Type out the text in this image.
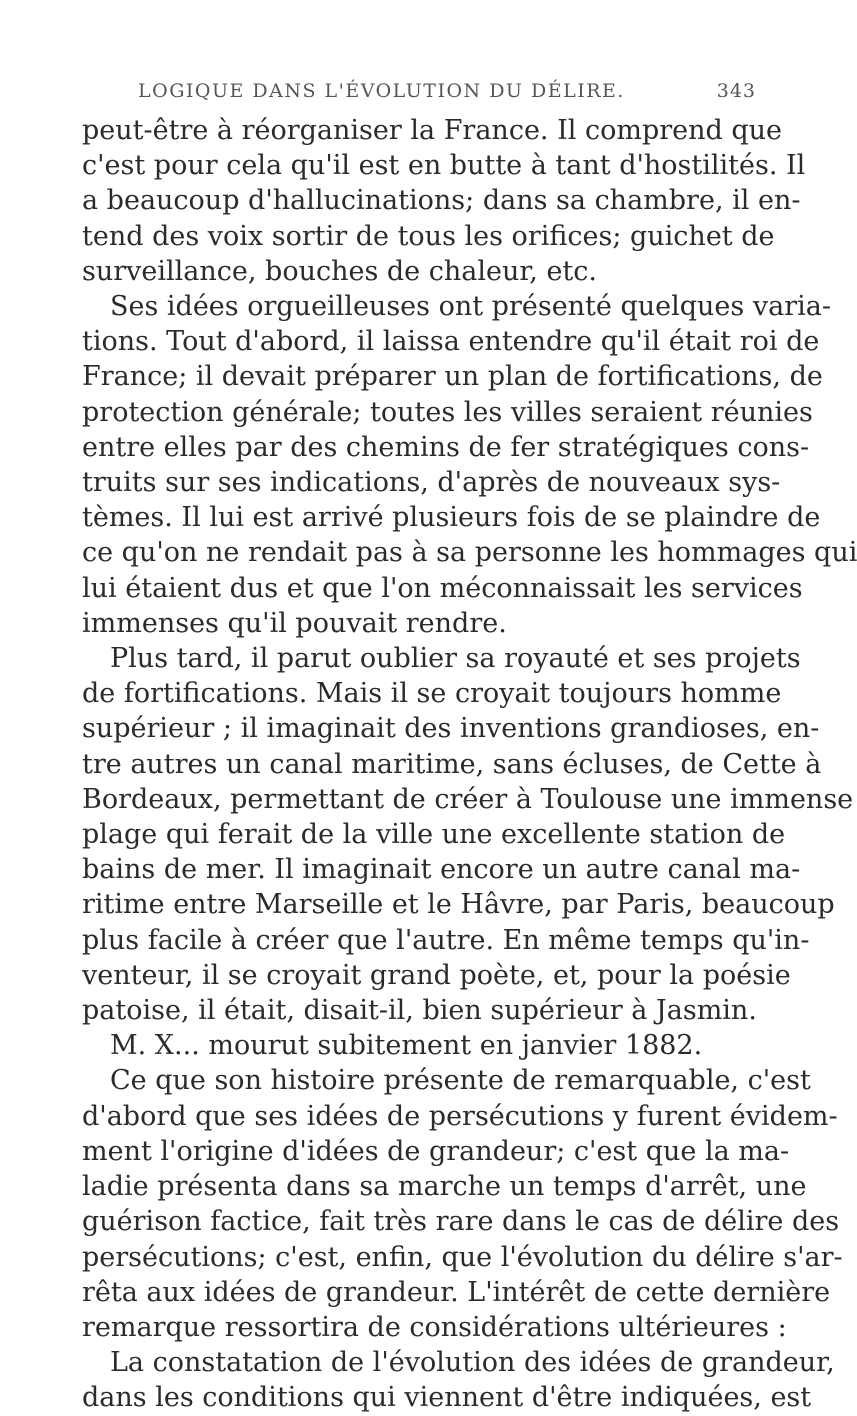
LOGIQUE DANS L'ÉVOLUTION DU DÉLIRE.	343
peut-être à réorganiser la France. Il comprend que
c'est pour cela qu'il est en butte à tant d'hostilités. Il
a beaucoup d'hallucinations; dans sa chambre, il en-
tend des voix sortir de tous les orifices; guichet de
surveillance, bouches de chaleur, etc.
Ses idées orgueilleuses ont présenté quelques varia-
tions. Tout d'abord, il laissa entendre qu'il était roi de
France; il devait préparer un plan de fortifications, de
protection générale; toutes les villes seraient réunies
entre elles par des chemins de fer stratégiques cons-
truits sur ses indications, d'après de nouveaux sys-
tèmes. Il lui est arrivé plusieurs fois de se plaindre de
ce qu'on ne rendait pas à sa personne les hommages qui
lui étaient dus et que l'on méconnaissait les services
immenses qu'il pouvait rendre.
Plus tard, il parut oublier sa royauté et ses projets
de fortifications. Mais il se croyait toujours homme
supérieur ; il imaginait des inventions grandioses, en-
tre autres un canal maritime, sans écluses, de Cette à
Bordeaux, permettant de créer à Toulouse une immense
plage qui ferait de la ville une excellente station de
bains de mer. Il imaginait encore un autre canal ma-
ritime entre Marseille et le Hâvre, par Paris, beaucoup
plus facile à créer que l'autre. En même temps qu'in-
venteur, il se croyait grand poète, et, pour la poésie
patoise, il était, disait-il, bien supérieur à Jasmin.
M. X... mourut subitement en janvier 1882.
Ce que son histoire présente de remarquable, c'est
d'abord que ses idées de persécutions y furent évidem-
ment l'origine d'idées de grandeur; c'est que la ma-
ladie présenta dans sa marche un temps d'arrêt, une
guérison factice, fait très rare dans le cas de délire des
persécutions; c'est, enfin, que l'évolution du délire s'ar-
rêta aux idées de grandeur. L'intérêt de cette dernière
remarque ressortira de considérations ultérieures :
La constatation de l'évolution des idées de grandeur,
dans les conditions qui viennent d'être indiquées, est
